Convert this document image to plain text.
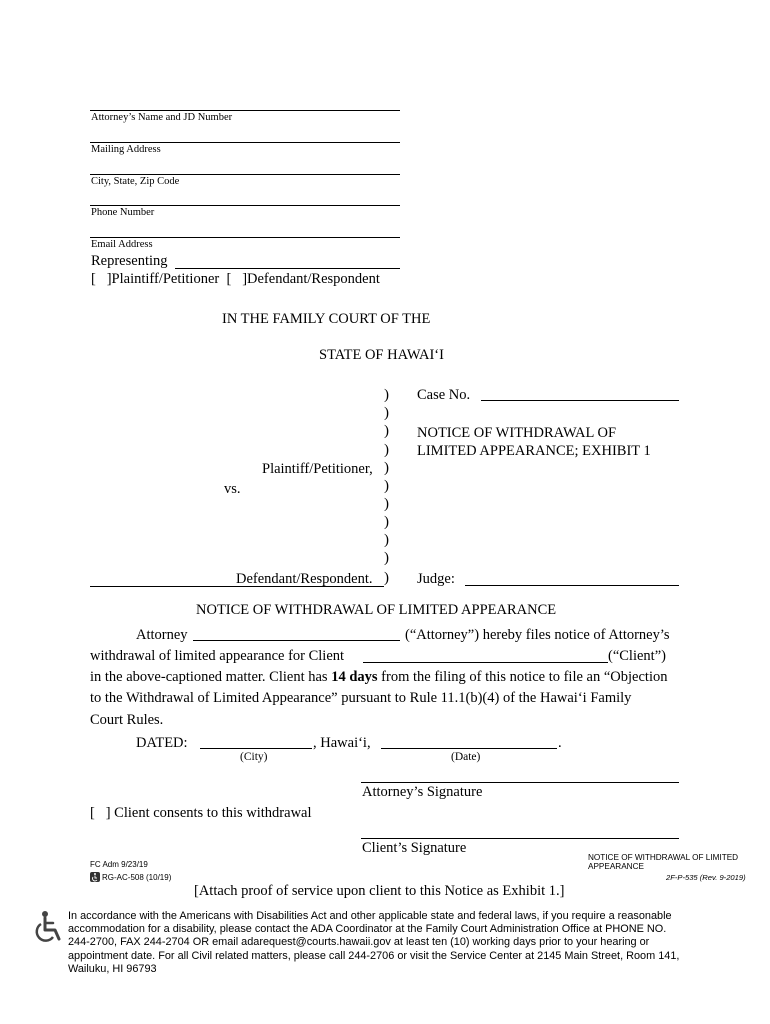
Attorney’s Name and JD Number
Mailing Address
City, State, Zip Code
Phone Number
Email Address
Representing
[ ]Plaintiff/Petitioner [ ]Defendant/Respondent
IN THE FAMILY COURT OF THE
STATE OF HAWAI‘I
)
)
)
)
)
)
)
)
)
)
)
Case No.
NOTICE OF WITHDRAWAL OF
LIMITED APPEARANCE; EXHIBIT 1
Plaintiff/Petitioner,
vs.
Defendant/Respondent.	Judge:
NOTICE OF WITHDRAWAL OF LIMITED APPEARANCE
Attorney	(“Attorney”) hereby files notice of Attorney’s
withdrawal of limited appearance for Client	(“Client”)
in the above-captioned matter. Client has 14 days from the filing of this notice to file an “Objection
to the Withdrawal of Limited Appearance” pursuant to Rule 11.1(b)(4) of the Hawai‘i Family
Court Rules.
DATED:	, Hawai‘i,	.
(City)	(Date)
Attorney’s Signature
[ ] Client consents to this withdrawal
Client’s Signature
FC Adm 9/23/19
RG-AC-508 (10/19)
NOTICE OF WITHDRAWAL OF LIMITED
APPEARANCE
2F-P-535 (Rev. 9-2019)
[Attach proof of service upon client to this Notice as Exhibit 1.]
In accordance with the Americans with Disabilities Act and other applicable state and federal laws, if you require a reasonable
accommodation for a disability, please contact the ADA Coordinator at the Family Court Administration Office at PHONE NO.
244-2700, FAX 244-2704 OR email adarequest@courts.hawaii.gov at least ten (10) working days prior to your hearing or
appointment date. For all Civil related matters, please call 244-2706 or visit the Service Center at 2145 Main Street, Room 141,
Wailuku, HI 96793
